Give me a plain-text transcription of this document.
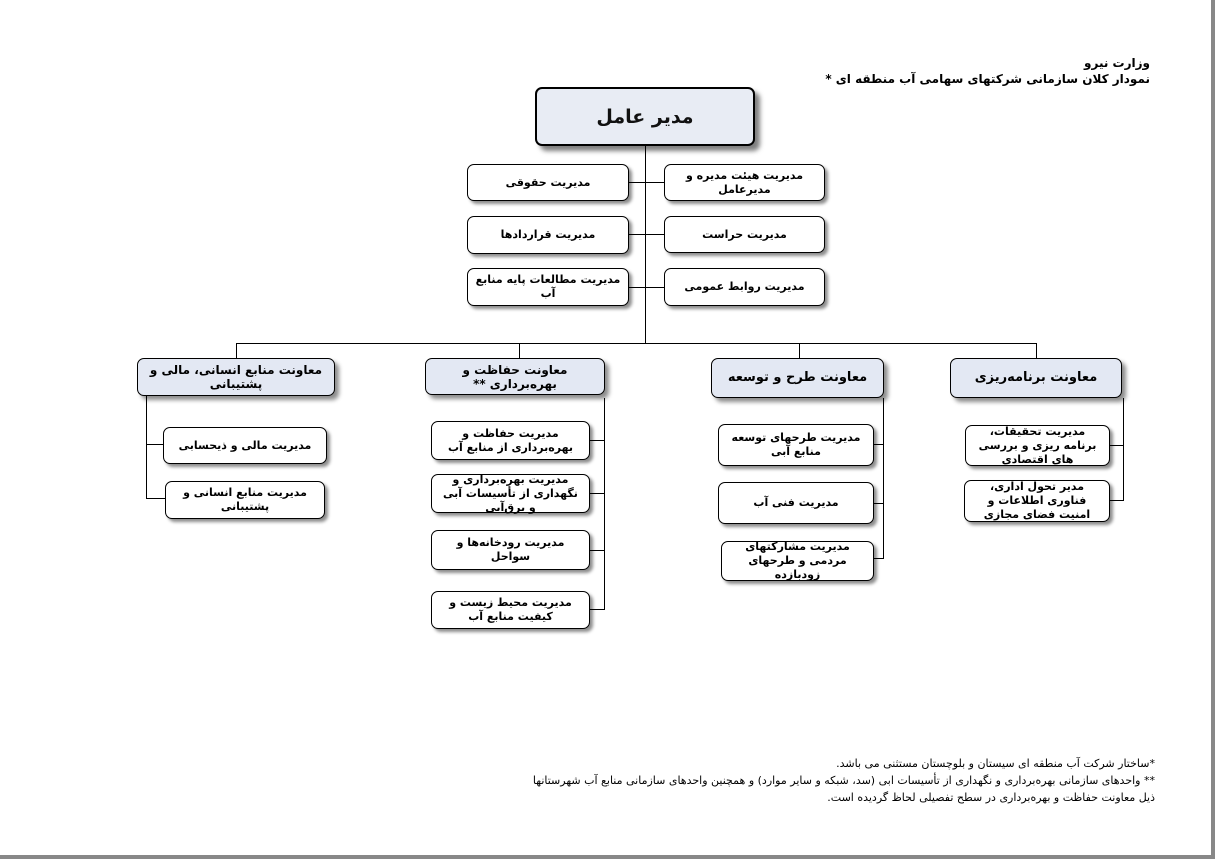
وزارت نیرو
نمودار کلان سازمانی شرکتهای سهامی آب منطقه ای *
مدیر عامل
مدیریت هیئت مدیره و مدیرعامل
مدیریت حراست
مدیریت روابط عمومی
مدیریت حقوقی
مدیریت قراردادها
مدیریت مطالعات پایه منابع آب
معاونت برنامه‌ریزی
معاونت طرح و توسعه
معاونت حفاظت و بهره‌برداری **
معاونت منابع انسانی، مالی و پشتیبانی
مدیریت تحقیقات، برنامه ریزی و بررسی های اقتصادی
مدیر تحول اداری، فناوری اطلاعات و امنیت فضای مجازی
مدیریت طرحهای توسعه منابع آبی
مدیریت فنی آب
مدیریت مشارکتهای مردمی و طرحهای زودبازده
مدیریت حفاظت و بهره‌برداری از منابع آب
مدیریت بهره‌برداری و نگهداری از تأسیسات آبی و برق‌آبی
مدیریت رودخانه‌ها و سواحل
مدیریت محیط زیست و کیفیت منابع آب
مدیریت مالی و ذیحسابی
مدیریت منابع انسانی و پشتیبانی

*ساختار شرکت آب منطقه ای سیستان و بلوچستان مستثنی می باشد.

** واحدهای سازمانی بهره‌برداری و نگهداری از تأسیسات ابی (سد، شبکه و سایر موارد) و همچنین واحدهای سازمانی منابع آب شهرستانها

ذیل معاونت حفاظت و بهره‌برداری در سطح تفصیلی لحاظ گردیده است.
